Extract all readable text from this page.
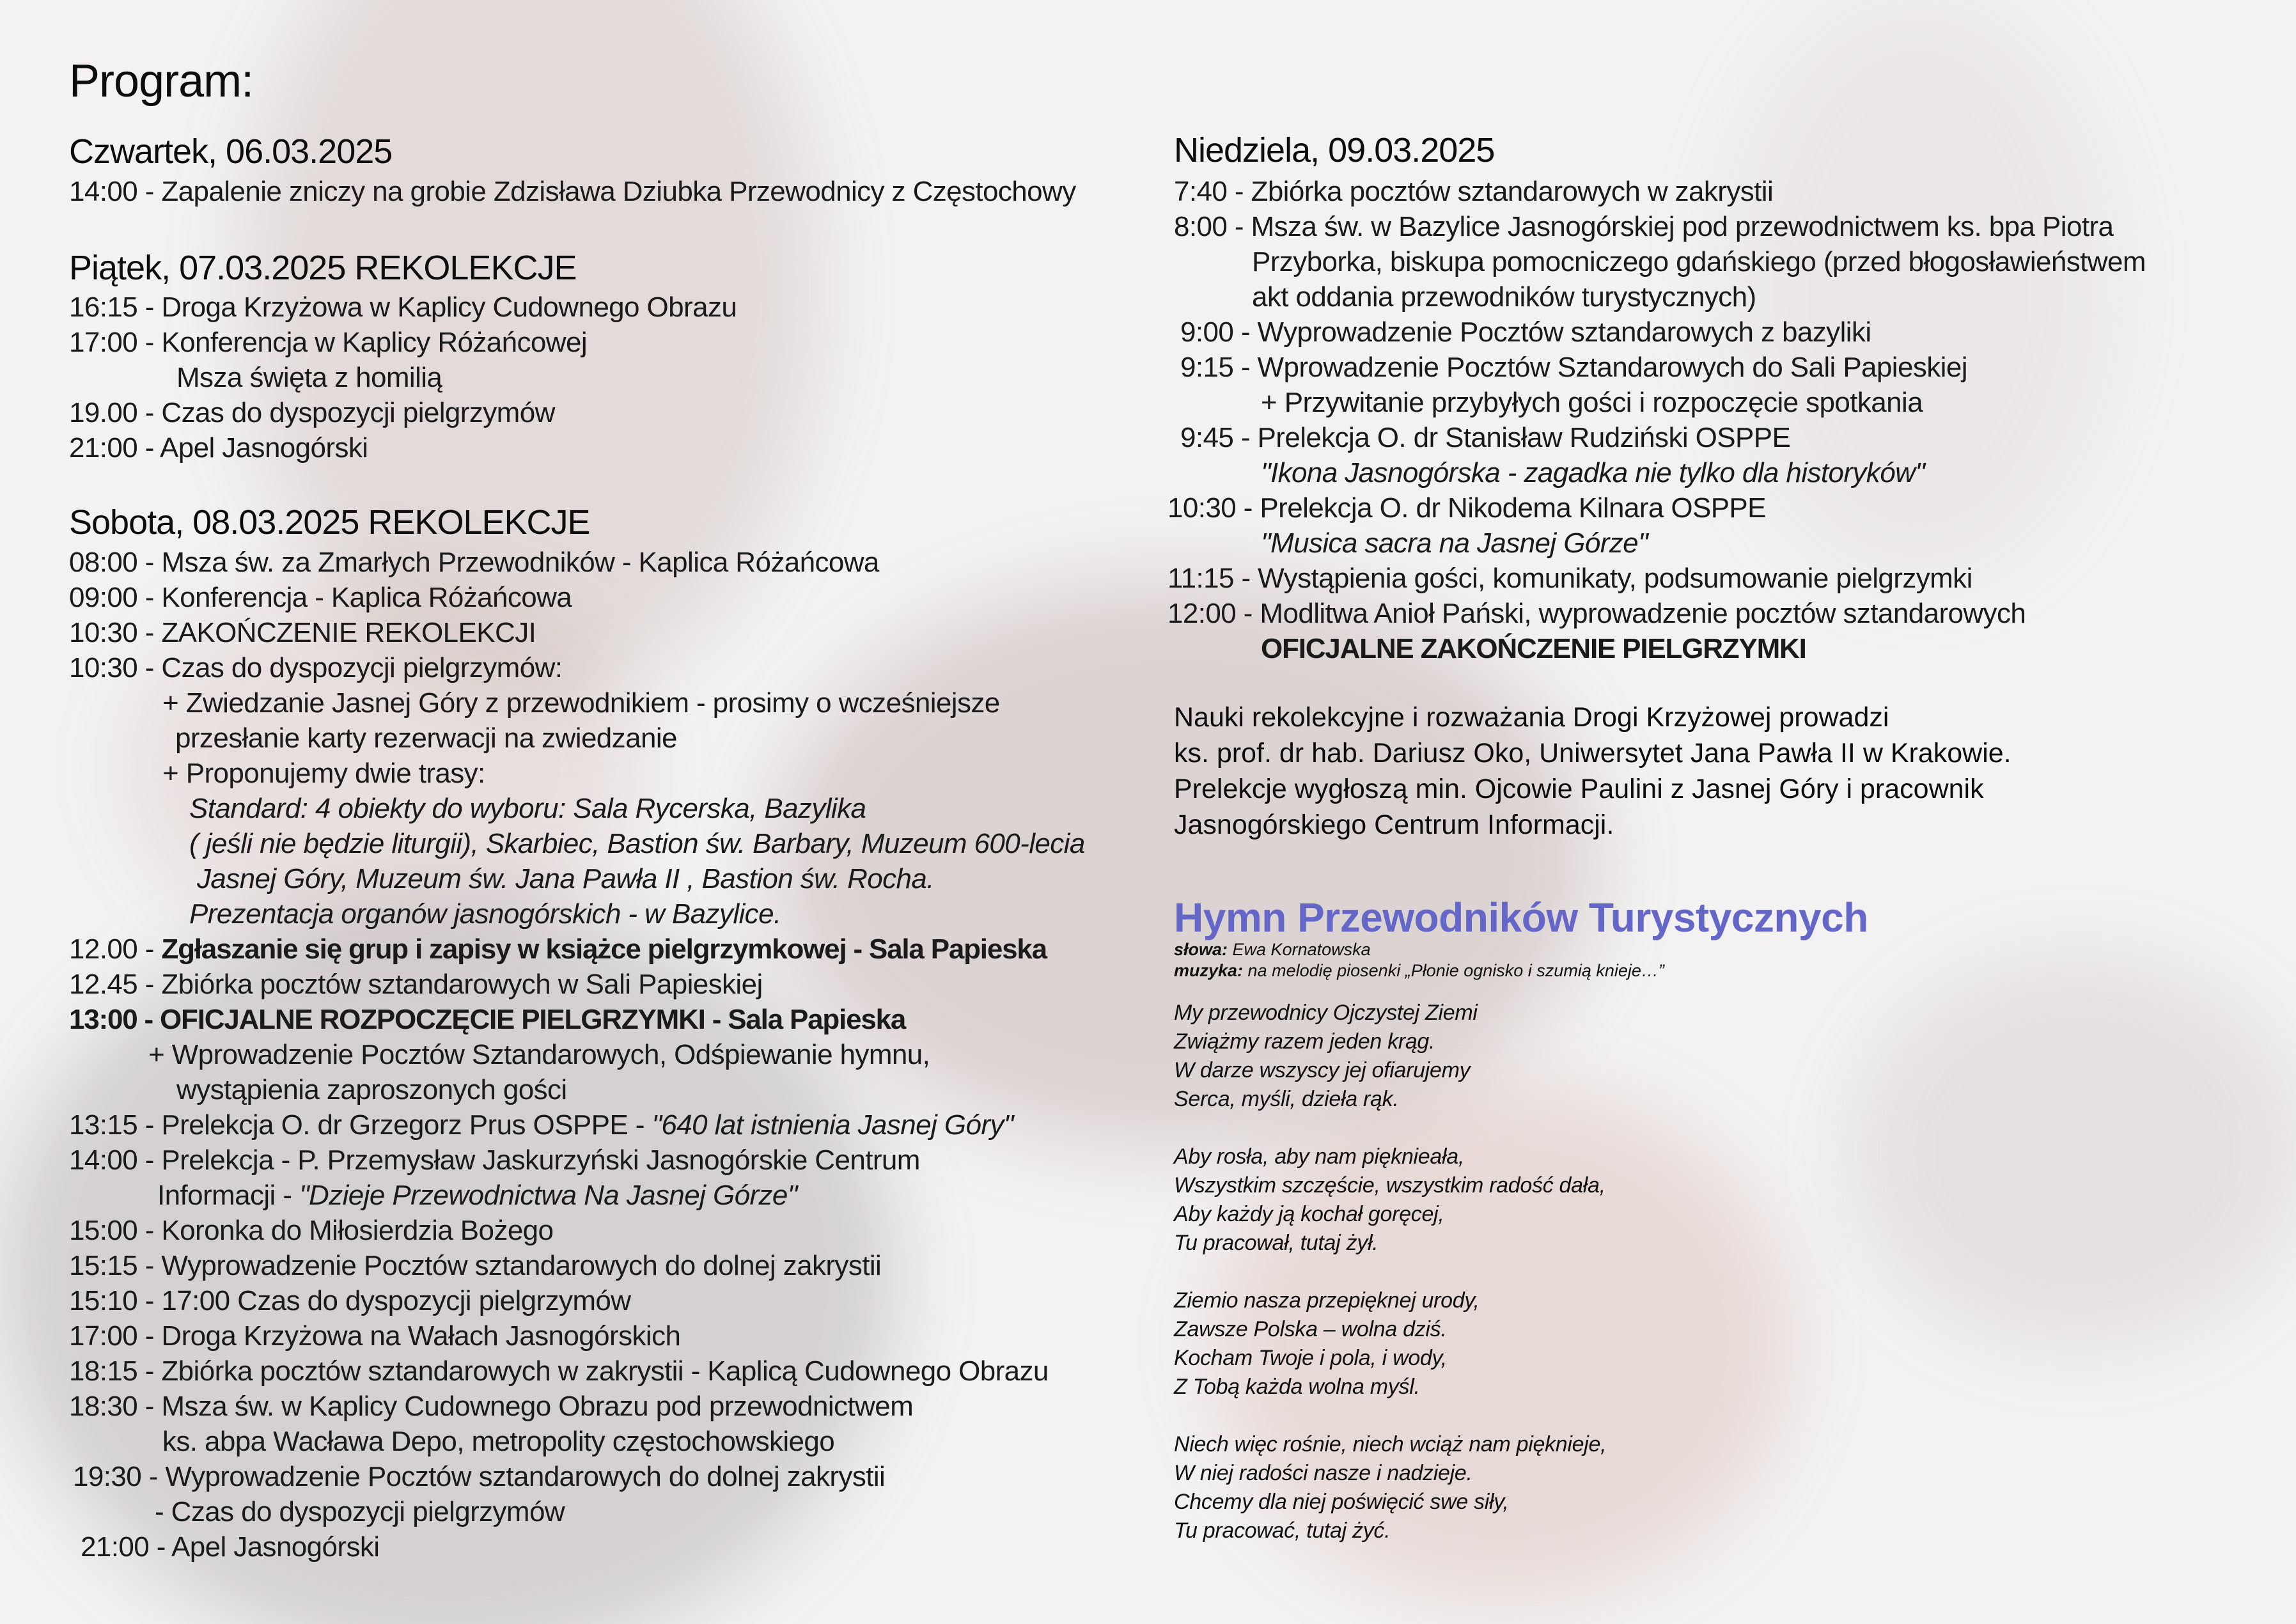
Program:
Czwartek, 06.03.2025
14:00 - Zapalenie zniczy na grobie Zdzisława Dziubka Przewodnicy z Częstochowy
Piątek, 07.03.2025 REKOLEKCJE
16:15 - Droga Krzyżowa w Kaplicy Cudownego Obrazu
17:00 - Konferencja w Kaplicy Różańcowej
Msza święta z homilią
19.00 - Czas do dyspozycji pielgrzymów
21:00 - Apel Jasnogórski
Sobota, 08.03.2025 REKOLEKCJE
08:00 - Msza św. za Zmarłych Przewodników - Kaplica Różańcowa
09:00 - Konferencja - Kaplica Różańcowa
10:30 - ZAKOŃCZENIE REKOLEKCJI
10:30 - Czas do dyspozycji pielgrzymów:
+ Zwiedzanie Jasnej Góry z przewodnikiem - prosimy o wcześniejsze
przesłanie karty rezerwacji na zwiedzanie
+ Proponujemy dwie trasy:
Standard: 4 obiekty do wyboru: Sala Rycerska, Bazylika
( jeśli nie będzie liturgii), Skarbiec, Bastion św. Barbary, Muzeum 600-lecia
Jasnej Góry, Muzeum św. Jana Pawła II , Bastion św. Rocha.
Prezentacja organów jasnogórskich - w Bazylice.
12.00 - Zgłaszanie się grup i zapisy w książce pielgrzymkowej - Sala Papieska
12.45 - Zbiórka pocztów sztandarowych w Sali Papieskiej
13:00 - OFICJALNE ROZPOCZĘCIE PIELGRZYMKI - Sala Papieska
+ Wprowadzenie Pocztów Sztandarowych, Odśpiewanie hymnu,
wystąpienia zaproszonych gości
13:15 - Prelekcja O. dr Grzegorz Prus OSPPE - "640 lat istnienia Jasnej Góry"
14:00 - Prelekcja - P. Przemysław Jaskurzyński Jasnogórskie Centrum
Informacji - "Dzieje Przewodnictwa Na Jasnej Górze"
15:00 - Koronka do Miłosierdzia Bożego
15:15 - Wyprowadzenie Pocztów sztandarowych do dolnej zakrystii
15:10 - 17:00 Czas do dyspozycji pielgrzymów
17:00 - Droga Krzyżowa na Wałach Jasnogórskich
18:15 - Zbiórka pocztów sztandarowych w zakrystii - Kaplicą Cudownego Obrazu
18:30 - Msza św. w Kaplicy Cudownego Obrazu pod przewodnictwem
ks. abpa Wacława Depo, metropolity częstochowskiego
19:30 - Wyprowadzenie Pocztów sztandarowych do dolnej zakrystii
- Czas do dyspozycji pielgrzymów
21:00 - Apel Jasnogórski
Niedziela, 09.03.2025
7:40 - Zbiórka pocztów sztandarowych w zakrystii
8:00 - Msza św. w Bazylice Jasnogórskiej pod przewodnictwem ks. bpa Piotra
Przyborka, biskupa pomocniczego gdańskiego (przed błogosławieństwem
akt oddania przewodników turystycznych)
9:00 - Wyprowadzenie Pocztów sztandarowych z bazyliki
9:15 - Wprowadzenie Pocztów Sztandarowych do Sali Papieskiej
+ Przywitanie przybyłych gości i rozpoczęcie spotkania
9:45 - Prelekcja O. dr Stanisław Rudziński OSPPE
"Ikona Jasnogórska - zagadka nie tylko dla historyków"
10:30 - Prelekcja O. dr Nikodema Kilnara OSPPE
"Musica sacra na Jasnej Górze"
11:15 - Wystąpienia gości, komunikaty, podsumowanie pielgrzymki
12:00 - Modlitwa Anioł Pański, wyprowadzenie pocztów sztandarowych
OFICJALNE ZAKOŃCZENIE PIELGRZYMKI
Nauki rekolekcyjne i rozważania Drogi Krzyżowej prowadzi
ks. prof. dr hab. Dariusz Oko, Uniwersytet Jana Pawła II w Krakowie.
Prelekcje wygłoszą min. Ojcowie Paulini z Jasnej Góry i pracownik
Jasnogórskiego Centrum Informacji.
Hymn Przewodników Turystycznych
słowa: Ewa Kornatowska
muzyka: na melodię piosenki „Płonie ognisko i szumią knieje…”
My przewodnicy Ojczystej Ziemi
Zwiążmy razem jeden krąg.
W darze wszyscy jej ofiarujemy
Serca, myśli, dzieła rąk.
Aby rosła, aby nam pięknieała,
Wszystkim szczęście, wszystkim radość dała,
Aby każdy ją kochał goręcej,
Tu pracował, tutaj żył.
Ziemio nasza przepięknej urody,
Zawsze Polska – wolna dziś.
Kocham Twoje i pola, i wody,
Z Tobą każda wolna myśl.
Niech więc rośnie, niech wciąż nam pięknieje,
W niej radości nasze i nadzieje.
Chcemy dla niej poświęcić swe siły,
Tu pracować, tutaj żyć.
